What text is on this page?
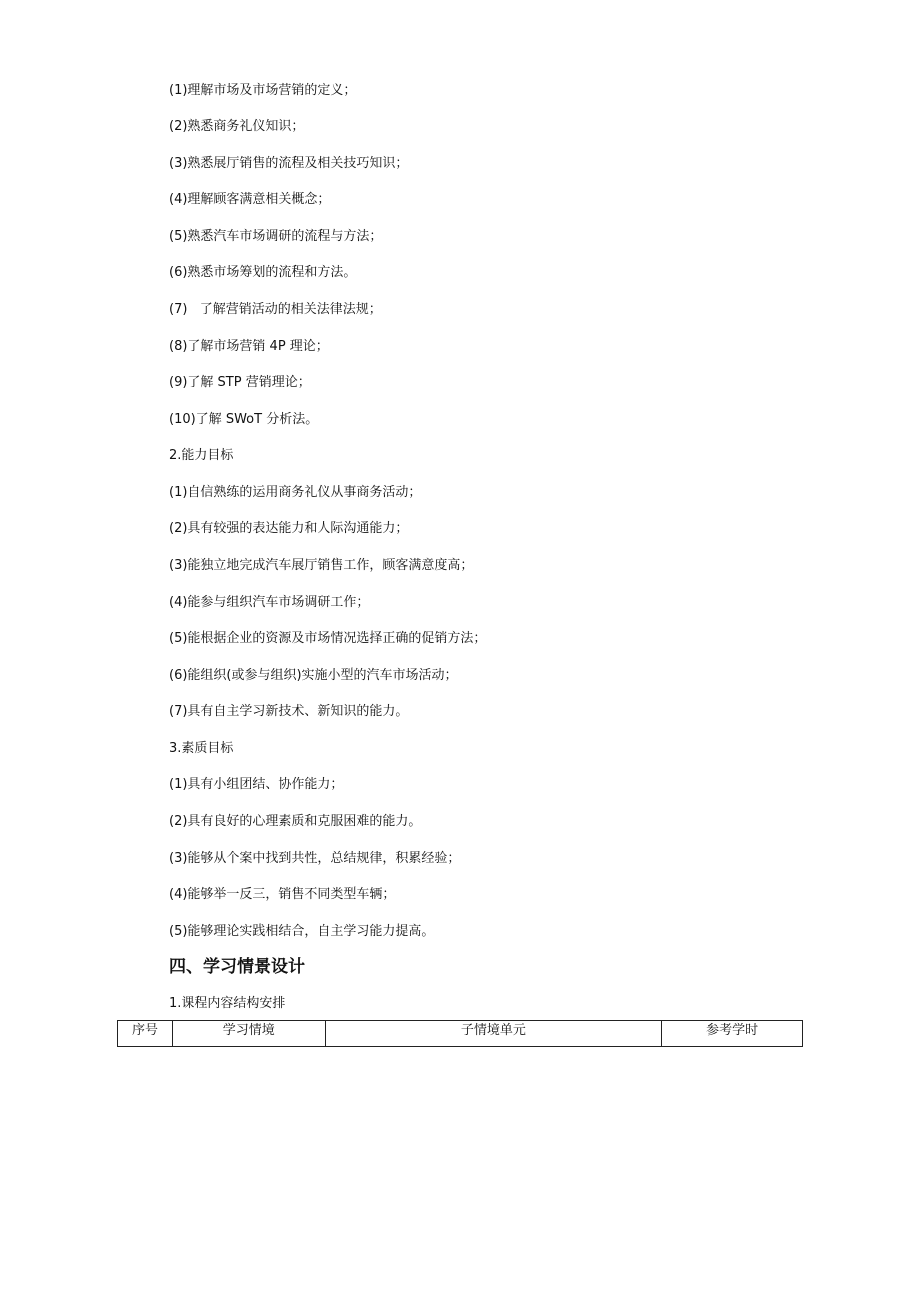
(1)理解市场及市场营销的定义；
(2)熟悉商务礼仪知识；
(3)熟悉展厅销售的流程及相关技巧知识；
(4)理解顾客满意相关概念；
(5)熟悉汽车市场调研的流程与方法；
(6)熟悉市场筹划的流程和方法。
(7)   了解营销活动的相关法律法规；
(8)了解市场营销 4P 理论；
(9)了解 STP 营销理论；
(10)了解 SWoT 分析法。
2.能力目标
(1)自信熟练的运用商务礼仪从事商务活动；
(2)具有较强的表达能力和人际沟通能力；
(3)能独立地完成汽车展厅销售工作，顾客满意度高；
(4)能参与组织汽车市场调研工作；
(5)能根据企业的资源及市场情况选择正确的促销方法；
(6)能组织(或参与组织)实施小型的汽车市场活动；
(7)具有自主学习新技术、新知识的能力。
3.素质目标
(1)具有小组团结、协作能力；
(2)具有良好的心理素质和克服困难的能力。
(3)能够从个案中找到共性，总结规律，积累经验；
(4)能够举一反三，销售不同类型车辆；
(5)能够理论实践相结合，自主学习能力提高。
四、学习情景设计
1.课程内容结构安排
序号	学习情境	子情境单元	参考学时
